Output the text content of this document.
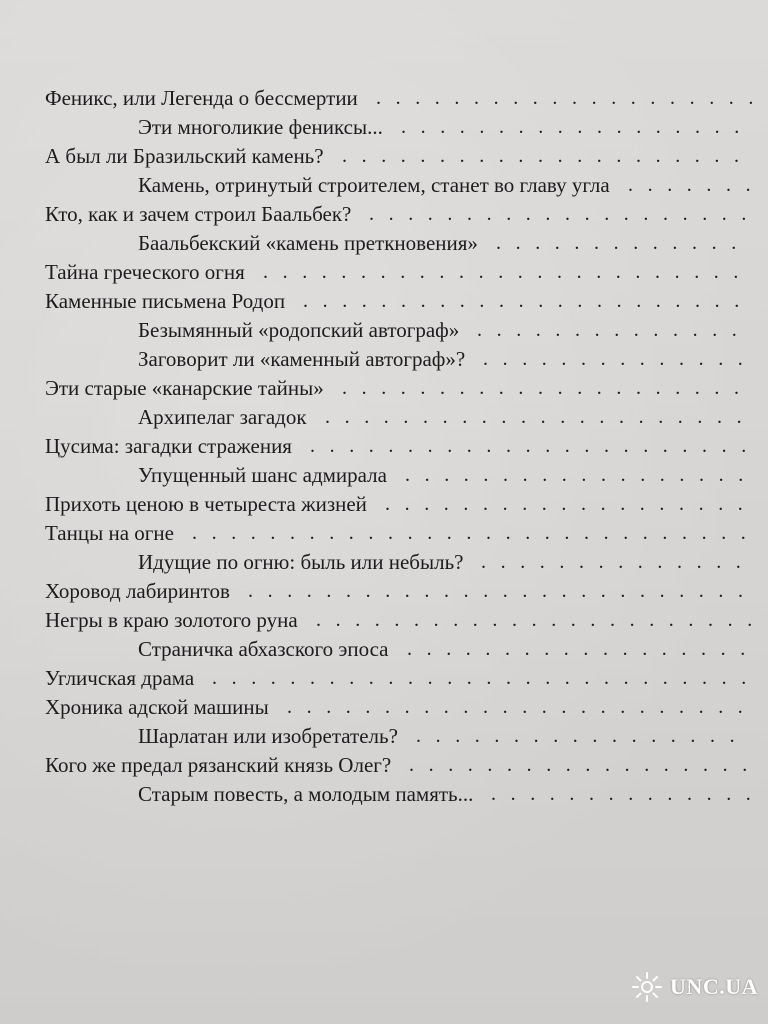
Феникс, или Легенда о бессмертии ....................
Эти многоликие фениксы... ..................
А был ли Бразильский камень? .....................
Камень, отринутый строителем, станет во главу угла .......
Кто, как и зачем строил Баальбек? ....................
Баальбекский «камень преткновения» .............
Тайна греческого огня .........................
Каменные письмена Родоп .......................
Безымянный «родопский автограф» ..............
Заговорит ли «каменный автограф»? ..............
Эти старые «канарские тайны» .....................
Архипелаг загадок ......................
Цусима: загадки стражения .......................
Упущенный шанс адмирала ..................
Прихоть ценою в четыреста жизней ...................
Танцы на огне .............................
Идущие по огню: быль или небыль? ..............
Хоровод лабиринтов ..........................
Негры в краю золотого руна .......................
Страничка абхазского эпоса ..................
Угличская драма ............................
Хроника адской машины ........................
Шарлатан или изобретатель? .................
Кого же предал рязанский князь Олег? ..................
Старым повесть, а молодым память... ..............
UNC.UA
